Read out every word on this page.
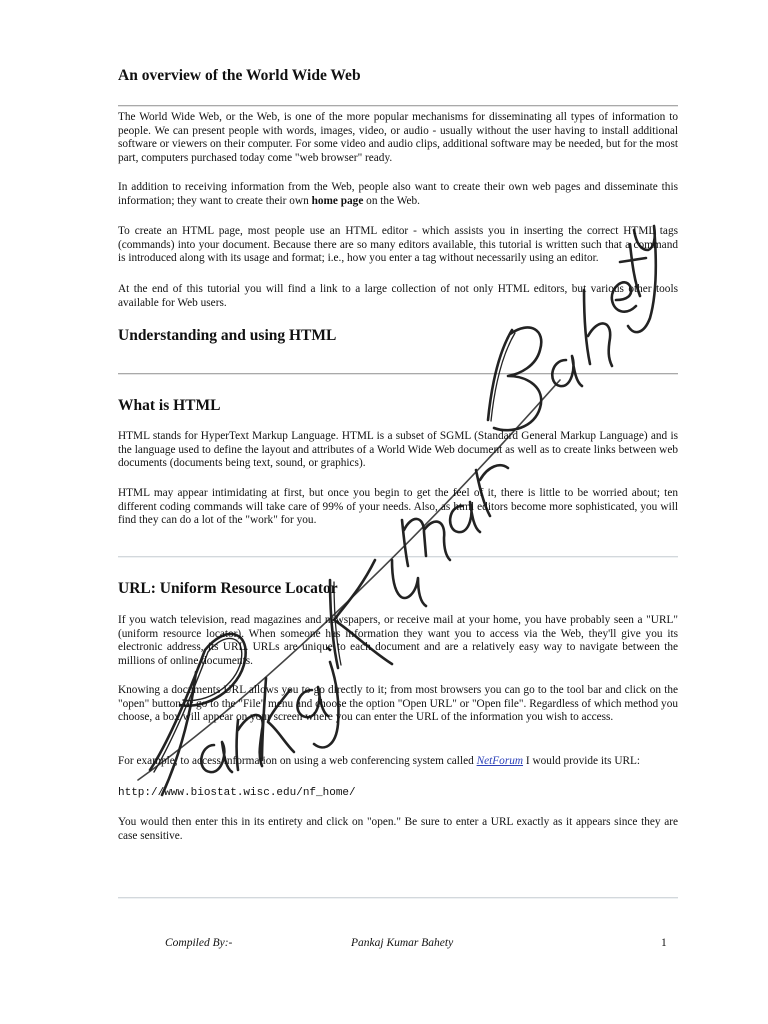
An overview of the World Wide Web

The World Wide Web, or the Web, is one of the more popular mechanisms for disseminating all types of information to people. We can present people with words, images, video, or audio - usually without the user having to install additional software or viewers on their computer. For some video and audio clips, additional software may be needed, but for the most part, computers purchased today come "web browser" ready.

In addition to receiving information from the Web, people also want to create their own web pages and disseminate this information; they want to create their own home page on the Web.

To create an HTML page, most people use an HTML editor - which assists you in inserting the correct HTML tags (commands) into your document. Because there are so many editors available, this tutorial is written such that a command is introduced along with its usage and format; i.e., how you enter a tag without necessarily using an editor.

At the end of this tutorial you will find a link to a large collection of not only HTML editors, but various other tools available for Web users.

Understanding and using HTML
What is HTML

HTML stands for HyperText Markup Language. HTML is a subset of SGML (Standard General Markup Language) and is the language used to define the layout and attributes of a World Wide Web document as well as to create links between web documents (documents being text, sound, or graphics).

HTML may appear intimidating at first, but once you begin to get the feel of it, there is little to be worried about; ten different coding commands will take care of 99% of your needs. Also, as html editors become more sophisticated, you will find they can do a lot of the "work" for you.

URL: Uniform Resource Locator

If you watch television, read magazines and newspapers, or receive mail at your home, you have probably seen a "URL" (uniform resource locator). When someone has information they want you to access via the Web, they'll give you its electronic address, its URL. URLs are unique to each document and are a relatively easy way to navigate between the millions of online documents.

Knowing a documents URL allows you to go directly to it; from most browsers you can go to the tool bar and click on the "open" button or go to the "File" menu and choose the option "Open URL" or "Open file". Regardless of which method you choose, a box will appear on your screen where you can enter the URL of the information you wish to access.

For example, to access information on using a web conferencing system called NetForum I would provide its URL:

http://www.biostat.wisc.edu/nf_home/

You would then enter this in its entirety and click on "open." Be sure to enter a URL exactly as it appears since they are case sensitive.

Compiled By:-	Pankaj Kumar Bahety	1
